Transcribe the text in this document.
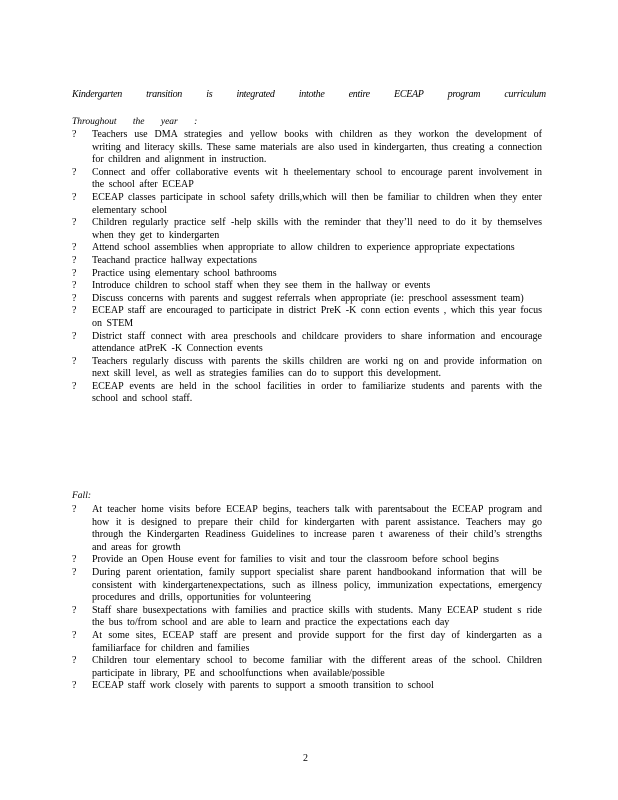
Kindergarten transition is integrated intothe entire ECEAP program curriculum
Throughout the year :
?	Teachers use DMA strategies and yellow books with children as they workon the development of writing and literacy skills. These same materials are also used in kindergarten, thus creating a connection for children and alignment in instruction.
?	Connect and offer collaborative events wit h theelementary school to encourage parent involvement in the school after ECEAP
?	ECEAP classes participate in school safety drills,which will then be familiar to children when they enter elementary school
?	Children regularly practice self -help skills with the reminder that they’ll need to do it by themselves when they get to kindergarten
?	Attend school assemblies when appropriate to allow children to experience appropriate expectations
?	Teachand practice hallway expectations
?	Practice using elementary school bathrooms
?	Introduce children to school staff when they see them in the hallway or events
?	Discuss concerns with parents and suggest referrals when appropriate (ie: preschool assessment team)
?	ECEAP staff are encouraged to participate in district PreK -K conn ection events , which this year focus on STEM
?	District staff connect with area preschools and childcare providers to share information and encourage attendance atPreK -K Connection events
?	Teachers regularly discuss with parents the skills children are worki ng on and provide information on next skill level, as well as strategies families can do to support this development.
?	ECEAP events are held in the school facilities in order to familiarize students and parents with the school and school staff.
Fall:
?	At teacher home visits before ECEAP begins, teachers talk with parentsabout the ECEAP program and how it is designed to prepare their child for kindergarten with parent assistance. Teachers may go through the Kindergarten Readiness Guidelines to increase paren t awareness of their child’s strengths and areas for growth
?	Provide an Open House event for families to visit and tour the classroom before school begins
?	During parent orientation, family support specialist share parent handbookand information that will be consistent with kindergartenexpectations, such as illness policy, immunization expectations, emergency procedures and drills, opportunities for volunteering
?	Staff share busexpectations with families and practice skills with students. Many ECEAP student s ride the bus to/from school and are able to learn and practice the expectations each day
?	At some sites, ECEAP staff are present and provide support for the first day of kindergarten as a familiarface for children and families
?	Children tour elementary school to become familiar with the different areas of the school. Children participate in library, PE and schoolfunctions when available/possible
?	ECEAP staff work closely with parents to support a smooth transition to school
2
